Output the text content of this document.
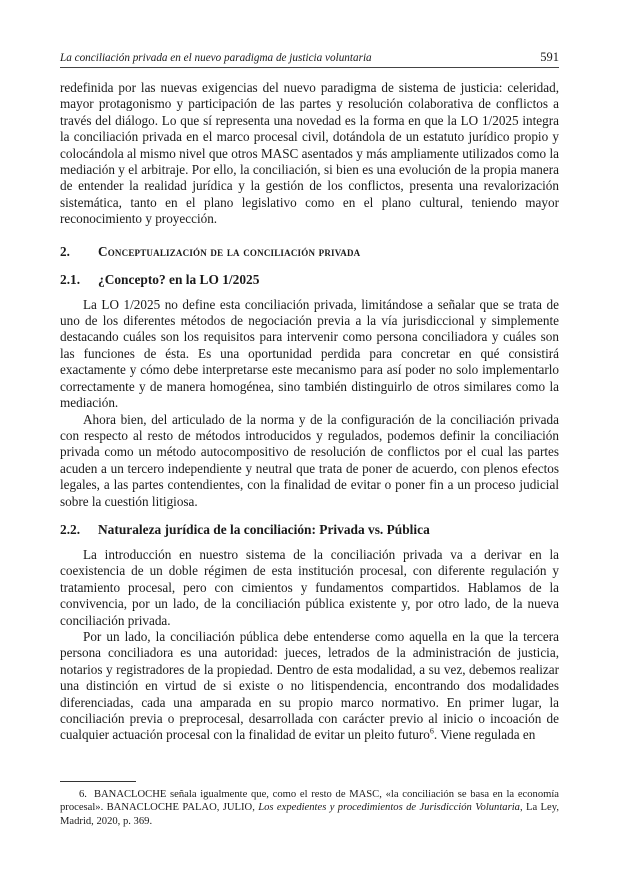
La conciliación privada en el nuevo paradigma de justicia voluntaria	591

redefinida por las nuevas exigencias del nuevo paradigma de sistema de justicia: celeridad, mayor protagonismo y participación de las partes y resolución colaborativa de conflictos a través del diálogo. Lo que sí representa una novedad es la forma en que la LO 1/2025 integra la conciliación privada en el marco procesal civil, dotándola de un estatuto jurídico propio y colocándola al mismo nivel que otros MASC asentados y más ampliamente utilizados como la mediación y el arbitraje. Por ello, la conciliación, si bien es una evolución de la propia manera de entender la realidad jurídica y la gestión de los conflictos, presenta una revalorización sistemática, tanto en el plano legislativo como en el plano cultural, teniendo mayor reconocimiento y proyección.

2. Conceptualización de la conciliación privada
2.1. ¿Concepto? en la LO 1/2025

La LO 1/2025 no define esta conciliación privada, limitándose a señalar que se trata de uno de los diferentes métodos de negociación previa a la vía jurisdiccional y simplemente destacando cuáles son los requisitos para intervenir como persona conciliadora y cuáles son las funciones de ésta. Es una oportunidad perdida para concretar en qué consistirá exactamente y cómo debe interpretarse este mecanismo para así poder no solo implementarlo correctamente y de manera homogénea, sino también distinguirlo de otros similares como la mediación.

Ahora bien, del articulado de la norma y de la configuración de la conciliación privada con respecto al resto de métodos introducidos y regulados, podemos definir la conciliación privada como un método autocompositivo de resolución de conflictos por el cual las partes acuden a un tercero independiente y neutral que trata de poner de acuerdo, con plenos efectos legales, a las partes contendientes, con la finalidad de evitar o poner fin a un proceso judicial sobre la cuestión litigiosa.

2.2. Naturaleza jurídica de la conciliación: Privada vs. Pública

La introducción en nuestro sistema de la conciliación privada va a derivar en la coexistencia de un doble régimen de esta institución procesal, con diferente regulación y tratamiento procesal, pero con cimientos y fundamentos compartidos. Hablamos de la convivencia, por un lado, de la conciliación pública existente y, por otro lado, de la nueva conciliación privada.

Por un lado, la conciliación pública debe entenderse como aquella en la que la tercera persona conciliadora es una autoridad: jueces, letrados de la administración de justicia, notarios y registradores de la propiedad. Dentro de esta modalidad, a su vez, debemos realizar una distinción en virtud de si existe o no litispendencia, encontrando dos modalidades diferenciadas, cada una amparada en su propio marco normativo. En primer lugar, la conciliación previa o preprocesal, desarrollada con carácter previo al inicio o incoación de cualquier actuación procesal con la finalidad de evitar un pleito futuro$^6$. Viene regulada en

6. BANACLOCHE señala igualmente que, como el resto de MASC, «la conciliación se basa en la economía procesal». BANACLOCHE PALAO, JULIO, Los expedientes y procedimientos de Jurisdicción Voluntaria, La Ley, Madrid, 2020, p. 369.
